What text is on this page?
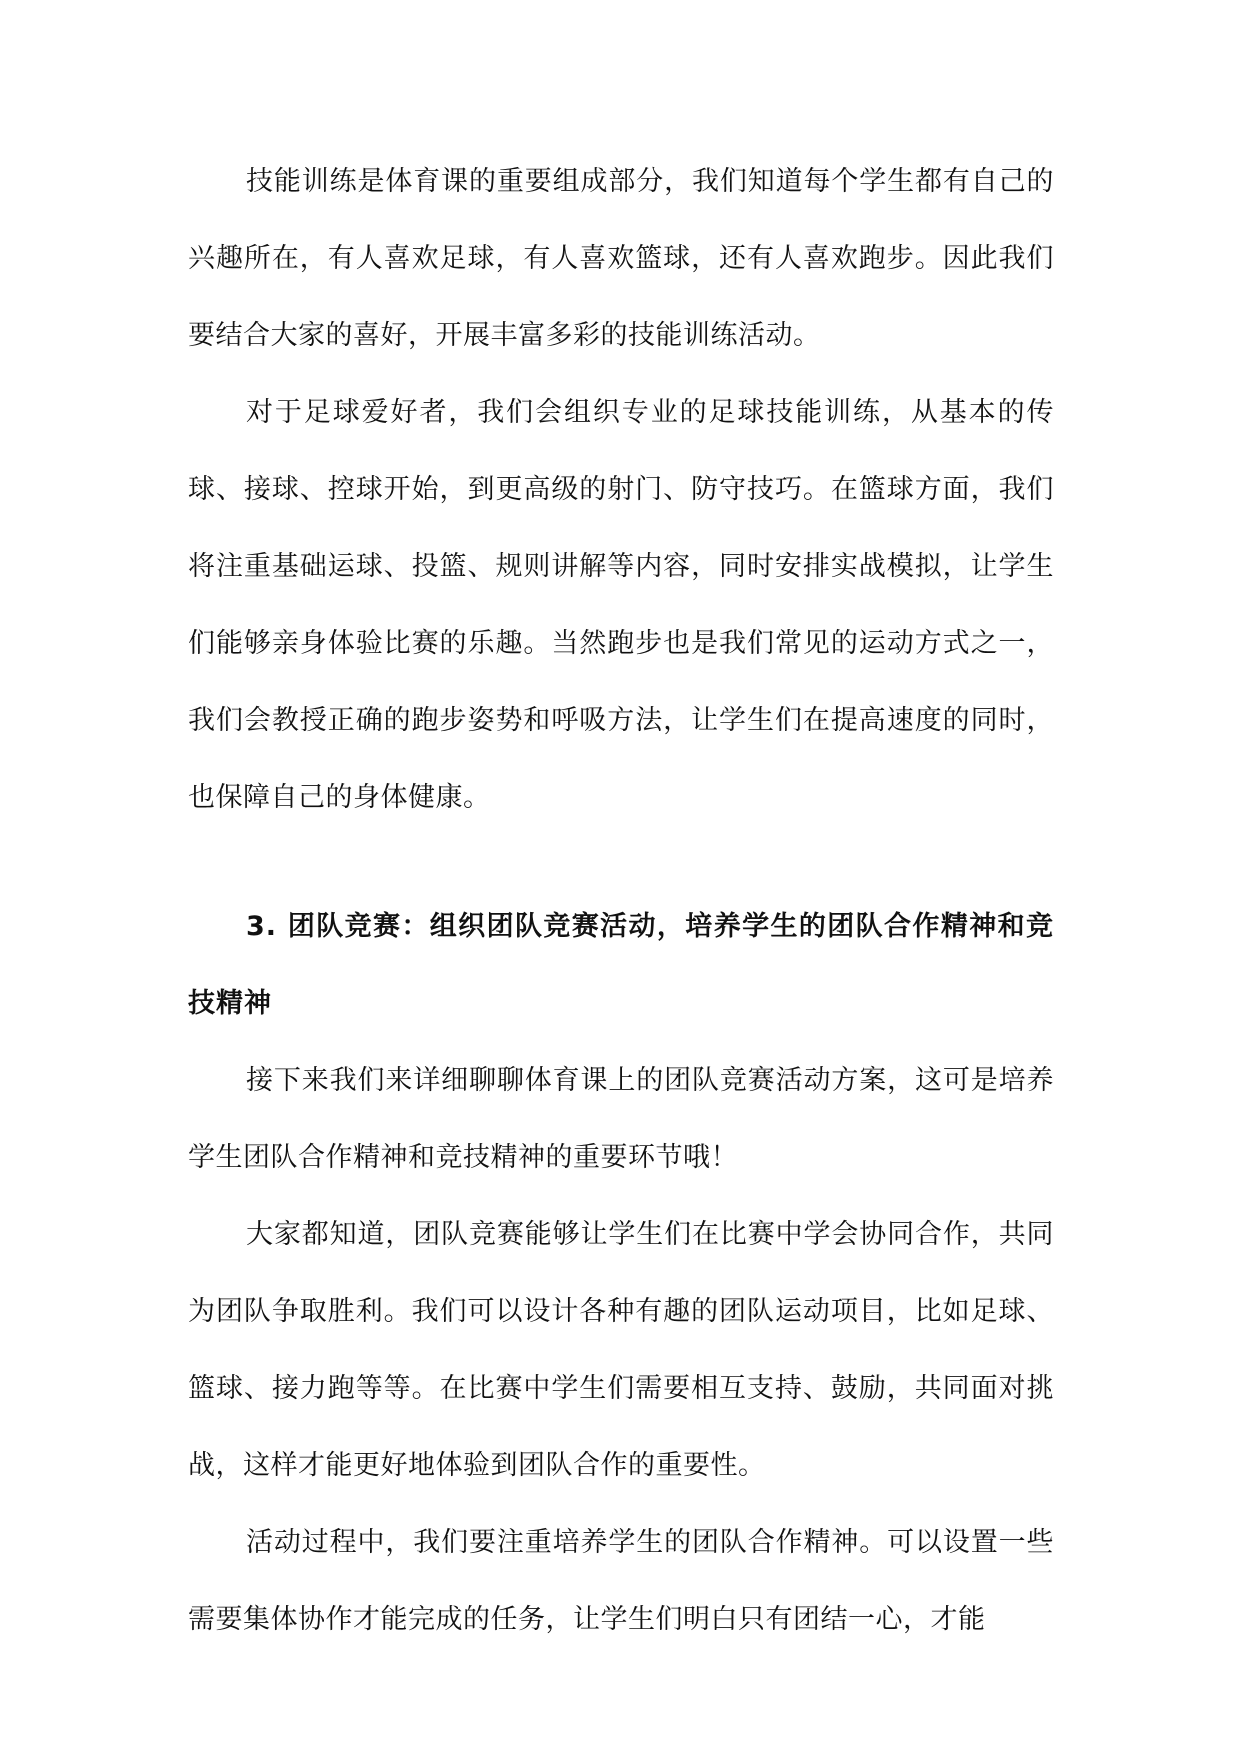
技能训练是体育课的重要组成部分，我们知道每个学生都有自己的兴趣所在，有人喜欢足球，有人喜欢篮球，还有人喜欢跑步。因此我们要结合大家的喜好，开展丰富多彩的技能训练活动。

对于足球爱好者，我们会组织专业的足球技能训练，从基本的传球、接球、控球开始，到更高级的射门、防守技巧。在篮球方面，我们将注重基础运球、投篮、规则讲解等内容，同时安排实战模拟，让学生们能够亲身体验比赛的乐趣。当然跑步也是我们常见的运动方式之一，我们会教授正确的跑步姿势和呼吸方法，让学生们在提高速度的同时，也保障自己的身体健康。

3. 团队竞赛：组织团队竞赛活动，培养学生的团队合作精神和竞技精神

接下来我们来详细聊聊体育课上的团队竞赛活动方案，这可是培养学生团队合作精神和竞技精神的重要环节哦！

大家都知道，团队竞赛能够让学生们在比赛中学会协同合作，共同为团队争取胜利。我们可以设计各种有趣的团队运动项目，比如足球、篮球、接力跑等等。在比赛中学生们需要相互支持、鼓励，共同面对挑战，这样才能更好地体验到团队合作的重要性。

活动过程中，我们要注重培养学生的团队合作精神。可以设置一些需要集体协作才能完成的任务，让学生们明白只有团结一心，才能
